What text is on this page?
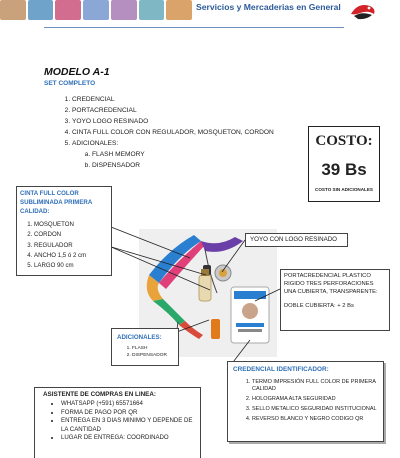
Servicios y Mercaderias en General
MODELO A-1
SET COMPLETO
1. CREDENCIAL
2. PORTACREDENCIAL
3. YOYO LOGO RESINADO
4. CINTA FULL COLOR CON REGULADOR, MOSQUETON, CORDON
5. ADICIONALES:
a. FLASH MEMORY
b. DISPENSADOR
COSTO:
39 Bs
COSTO SIN ADICIONALES
CINTA FULL COLOR SUBLIMINADA PRIMERA CALIDAD:
1. MOSQUETON
2. CORDON
3. REGULADOR
4. ANCHO 1,5 ó 2 cm
5. LARGO 90 cm
YOYO CON LOGO RESINADO
PORTACREDENCIAL PLASTICO RIGIDO TRES PERFORACIONES UNA CUBIERTA, TRANSPARENTE:
DOBLE CUBIERTA: + 2 Bs
ADICIONALES:
1. FLASH
2. DISPENSADOR
CREDENCIAL IDENTIFICADOR:
1. TERMO IMPRESIÓN FULL COLOR DE PRIMERA CALIDAD
2. HOLOGRAMA ALTA SEGURIDAD
3. SELLO METALICO SEGURIDAD INSTITUCIONAL
4. REVERSO BLANCO Y NEGRO CODIGO QR
ASISTENTE DE COMPRAS EN LINEA:
• WHATSAPP (+591) 65571664
• FORMA DE PAGO POR QR
• ENTREGA EN 3 DIAS MINIMO Y DEPENDE DE LA CANTIDAD
• LUGAR DE ENTREGA: COORDINADO
